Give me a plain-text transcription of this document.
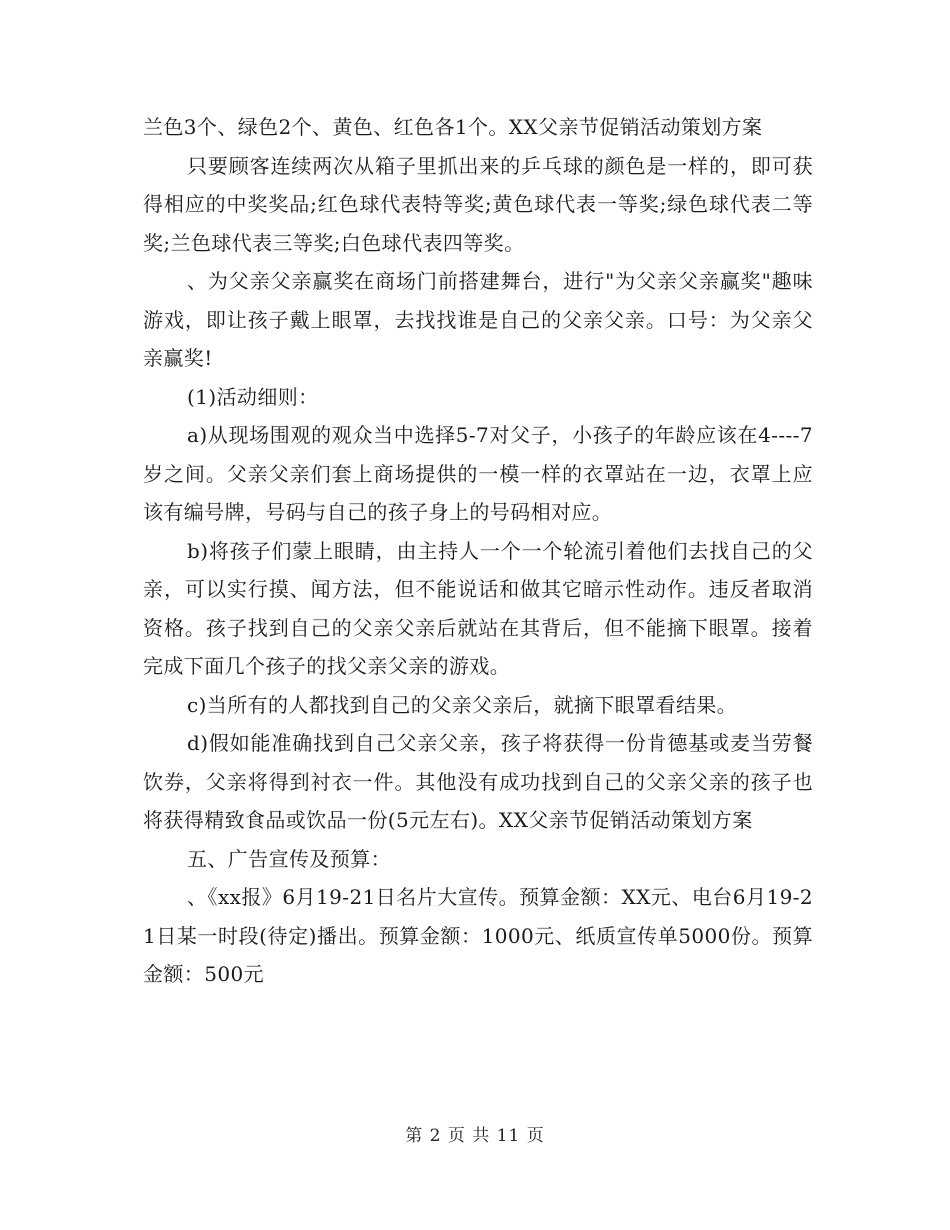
兰色3个、绿色2个、黄色、红色各1个。XX父亲节促销活动策划方案

只要顾客连续两次从箱子里抓出来的乒乓球的颜色是一样的，即可获得相应的中奖奖品;红色球代表特等奖;黄色球代表一等奖;绿色球代表二等奖;兰色球代表三等奖;白色球代表四等奖。

、为父亲父亲赢奖在商场门前搭建舞台，进行"为父亲父亲赢奖"趣味游戏，即让孩子戴上眼罩，去找找谁是自己的父亲父亲。口号：为父亲父亲赢奖!

(1)活动细则：

a)从现场围观的观众当中选择5-7对父子，小孩子的年龄应该在4----7岁之间。父亲父亲们套上商场提供的一模一样的衣罩站在一边，衣罩上应该有编号牌，号码与自己的孩子身上的号码相对应。

b)将孩子们蒙上眼睛，由主持人一个一个轮流引着他们去找自己的父亲，可以实行摸、闻方法，但不能说话和做其它暗示性动作。违反者取消资格。孩子找到自己的父亲父亲后就站在其背后，但不能摘下眼罩。接着完成下面几个孩子的找父亲父亲的游戏。

c)当所有的人都找到自己的父亲父亲后，就摘下眼罩看结果。

d)假如能准确找到自己父亲父亲，孩子将获得一份肯德基或麦当劳餐饮券，父亲将得到衬衣一件。其他没有成功找到自己的父亲父亲的孩子也将获得精致食品或饮品一份(5元左右)。XX父亲节促销活动策划方案

五、广告宣传及预算：

、《xx报》6月19-21日名片大宣传。预算金额：XX元、电台6月19-21日某一时段(待定)播出。预算金额：1000元、纸质宣传单5000份。预算金额：500元

第 2 页 共 11 页
